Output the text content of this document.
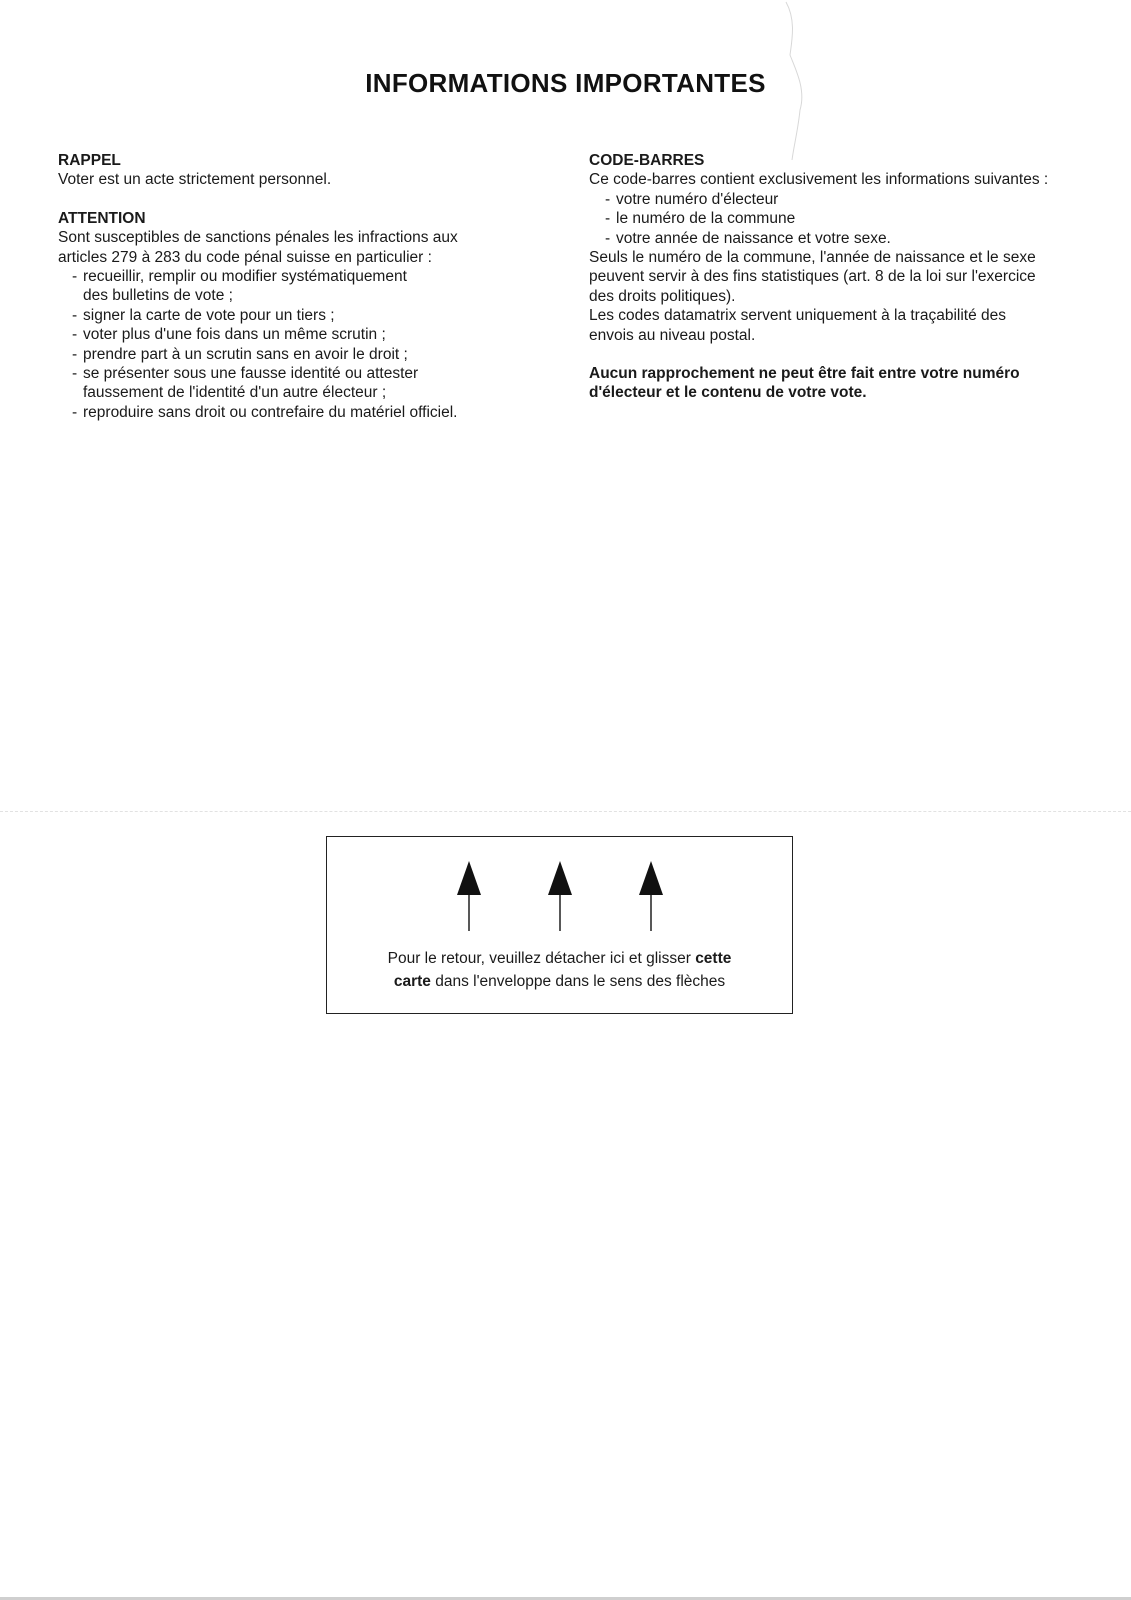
INFORMATIONS IMPORTANTES
RAPPEL
Voter est un acte strictement personnel.
ATTENTION
Sont susceptibles de sanctions pénales les infractions aux
articles 279 à 283 du code pénal suisse en particulier :
- recueillir, remplir ou modifier systématiquement
des bulletins de vote ;
- signer la carte de vote pour un tiers ;
- voter plus d'une fois dans un même scrutin ;
- prendre part à un scrutin sans en avoir le droit ;
- se présenter sous une fausse identité ou attester
faussement de l'identité d'un autre électeur ;
- reproduire sans droit ou contrefaire du matériel officiel.
CODE-BARRES
Ce code-barres contient exclusivement les informations suivantes :
- votre numéro d'électeur
- le numéro de la commune
- votre année de naissance et votre sexe.
Seuls le numéro de la commune, l'année de naissance et le sexe
peuvent servir à des fins statistiques (art. 8 de la loi sur l'exercice
des droits politiques).
Les codes datamatrix servent uniquement à la traçabilité des
envois au niveau postal.
Aucun rapprochement ne peut être fait entre votre numéro
d'électeur et le contenu de votre vote.
Pour le retour, veuillez détacher ici et glisser cette
carte dans l'enveloppe dans le sens des flèches
